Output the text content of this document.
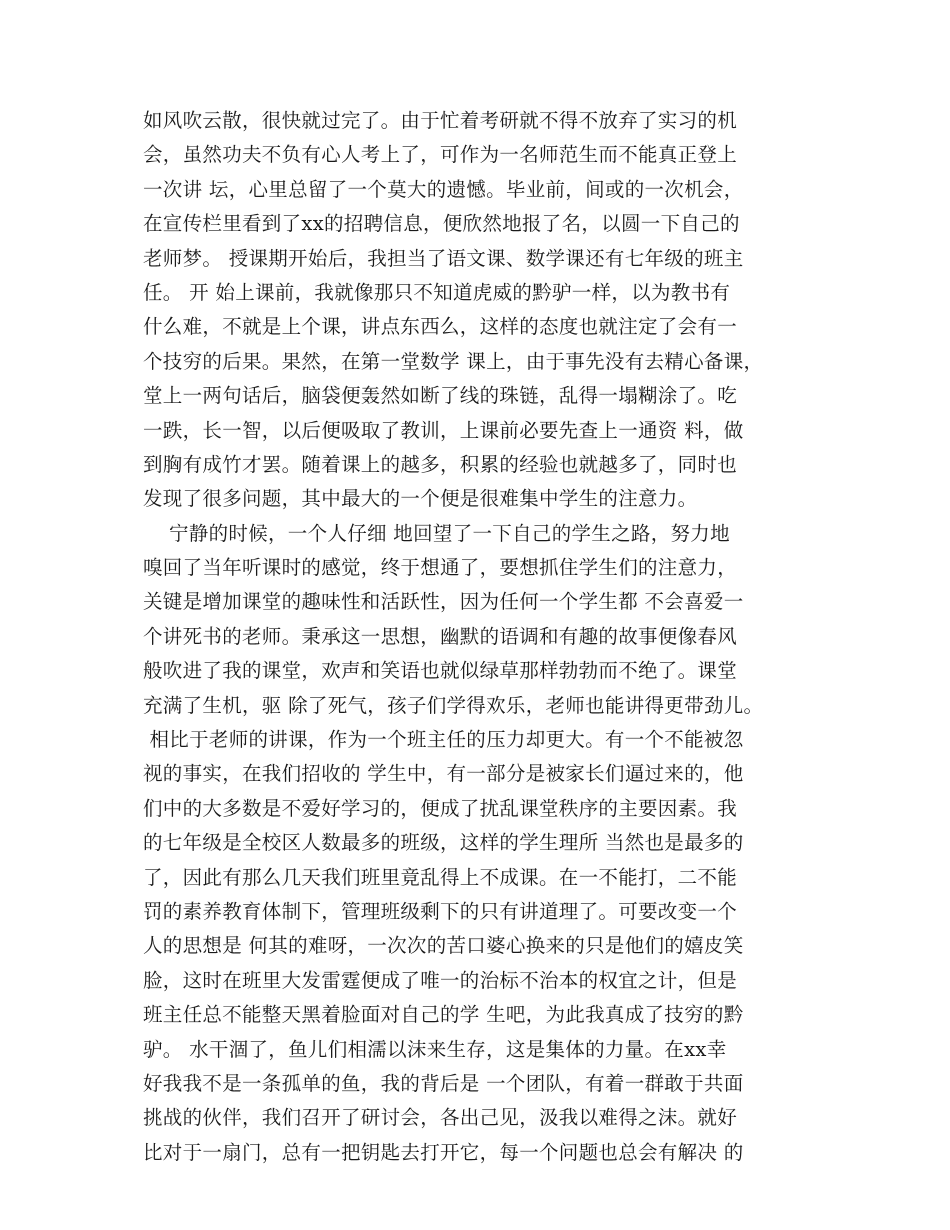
如风吹云散，很快就过完了。由于忙着考研就不得不放弃了实习的机
会，虽然功夫不负有心人考上了，可作为一名师范生而不能真正登上
一次讲 坛，心里总留了一个莫大的遗憾。毕业前，间或的一次机会，
在宣传栏里看到了xx的招聘信息，便欣然地报了名，以圆一下自己的
老师梦。 授课期开始后，我担当了语文课、数学课还有七年级的班主
任。 开 始上课前，我就像那只不知道虎威的黔驴一样，以为教书有
什么难，不就是上个课，讲点东西么，这样的态度也就注定了会有一
个技穷的后果。果然，在第一堂数学 课上，由于事先没有去精心备课，
堂上一两句话后，脑袋便轰然如断了线的珠链，乱得一塌糊涂了。吃
一跌，长一智，以后便吸取了教训，上课前必要先查上一通资 料，做
到胸有成竹才罢。随着课上的越多，积累的经验也就越多了，同时也
发现了很多问题，其中最大的一个便是很难集中学生的注意力。
宁静的时候，一个人仔细 地回望了一下自己的学生之路，努力地
嗅回了当年听课时的感觉，终于想通了，要想抓住学生们的注意力，
关键是增加课堂的趣味性和活跃性，因为任何一个学生都 不会喜爱一
个讲死书的老师。秉承这一思想，幽默的语调和有趣的故事便像春风
般吹进了我的课堂，欢声和笑语也就似绿草那样勃勃而不绝了。课堂
充满了生机，驱 除了死气，孩子们学得欢乐，老师也能讲得更带劲儿。
相比于老师的讲课，作为一个班主任的压力却更大。有一个不能被忽
视的事实，在我们招收的 学生中，有一部分是被家长们逼过来的，他
们中的大多数是不爱好学习的，便成了扰乱课堂秩序的主要因素。我
的七年级是全校区人数最多的班级，这样的学生理所 当然也是最多的
了，因此有那么几天我们班里竟乱得上不成课。在一不能打，二不能
罚的素养教育体制下，管理班级剩下的只有讲道理了。可要改变一个
人的思想是 何其的难呀，一次次的苦口婆心换来的只是他们的嬉皮笑
脸，这时在班里大发雷霆便成了唯一的治标不治本的权宜之计，但是
班主任总不能整天黑着脸面对自己的学 生吧，为此我真成了技穷的黔
驴。 水干涸了，鱼儿们相濡以沫来生存，这是集体的力量。在xx幸
好我我不是一条孤单的鱼，我的背后是 一个团队，有着一群敢于共面
挑战的伙伴，我们召开了研讨会，各出己见，汲我以难得之沫。就好
比对于一扇门，总有一把钥匙去打开它，每一个问题也总会有解决 的
